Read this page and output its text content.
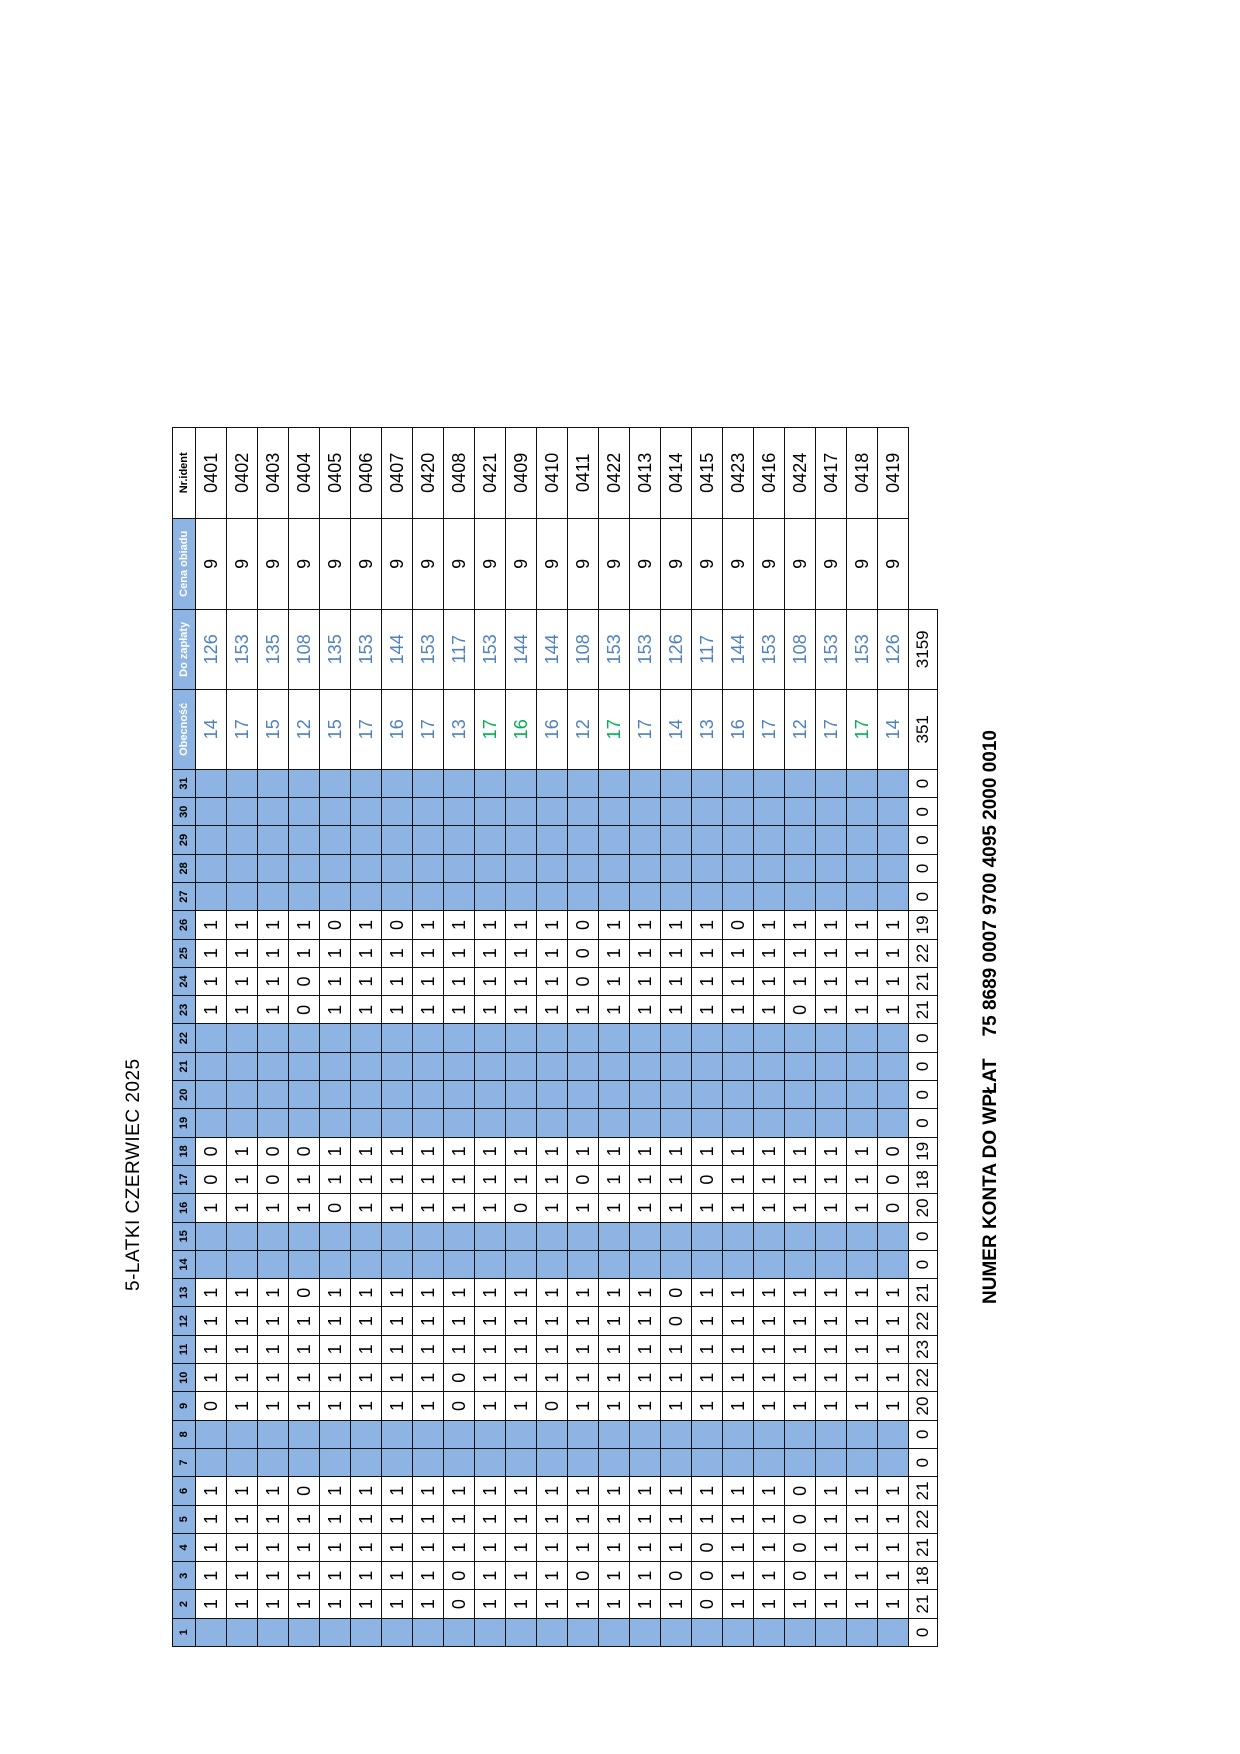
5-LATKI CZERWIEC 2025
1	2	3	4	5	6	7	8	9	10	11	12	13	14	15	16	17	18	19	20	21	22	23	24	25	26	27	28	29	30	31	Obecność	Do zapłaty	Cena obiadu	Nr.ident
	1	1	1	1	1			0	1	1	1	1			1	0	0					1	1	1	1						14	126	9	0401
	1	1	1	1	1			1	1	1	1	1			1	1	1					1	1	1	1						17	153	9	0402
	1	1	1	1	1			1	1	1	1	1			1	0	0					1	1	1	1						15	135	9	0403
	1	1	1	1	0			1	1	1	1	0			1	1	0					0	0	1	1						12	108	9	0404
	1	1	1	1	1			1	1	1	1	1			0	1	1					1	1	1	0						15	135	9	0405
	1	1	1	1	1			1	1	1	1	1			1	1	1					1	1	1	1						17	153	9	0406
	1	1	1	1	1			1	1	1	1	1			1	1	1					1	1	1	0						16	144	9	0407
	1	1	1	1	1			1	1	1	1	1			1	1	1					1	1	1	1						17	153	9	0420
	0	0	1	1	1			0	0	1	1	1			1	1	1					1	1	1	1						13	117	9	0408
	1	1	1	1	1			1	1	1	1	1			1	1	1					1	1	1	1						17	153	9	0421
	1	1	1	1	1			1	1	1	1	1			0	1	1					1	1	1	1						16	144	9	0409
	1	1	1	1	1			0	1	1	1	1			1	1	1					1	1	1	1						16	144	9	0410
	1	0	1	1	1			1	1	1	1	1			1	0	1					1	0	0	0						12	108	9	0411
	1	1	1	1	1			1	1	1	1	1			1	1	1					1	1	1	1						17	153	9	0422
	1	1	1	1	1			1	1	1	1	1			1	1	1					1	1	1	1						17	153	9	0413
	1	0	1	1	1			1	1	1	0	0			1	1	1					1	1	1	1						14	126	9	0414
	0	0	0	1	1			1	1	1	1	1			1	0	1					1	1	1	1						13	117	9	0415
	1	1	1	1	1			1	1	1	1	1			1	1	1					1	1	1	0						16	144	9	0423
	1	1	1	1	1			1	1	1	1	1			1	1	1					1	1	1	1						17	153	9	0416
	1	0	0	0	0			1	1	1	1	1			1	1	1					0	1	1	1						12	108	9	0424
	1	1	1	1	1			1	1	1	1	1			1	1	1					1	1	1	1						17	153	9	0417
	1	1	1	1	1			1	1	1	1	1			1	1	1					1	1	1	1						17	153	9	0418
	1	1	1	1	1			1	1	1	1	1			0	0	0					1	1	1	1						14	126	9	0419
0	21	18	21	22	21	0	0	20	22	23	22	21	0	0	20	18	19	0	0	0	0	21	21	22	19	0	0	0	0	0	351	3159		
NUMER KONTA DO WPŁAT75 8689 0007 9700 4095 2000 0010
